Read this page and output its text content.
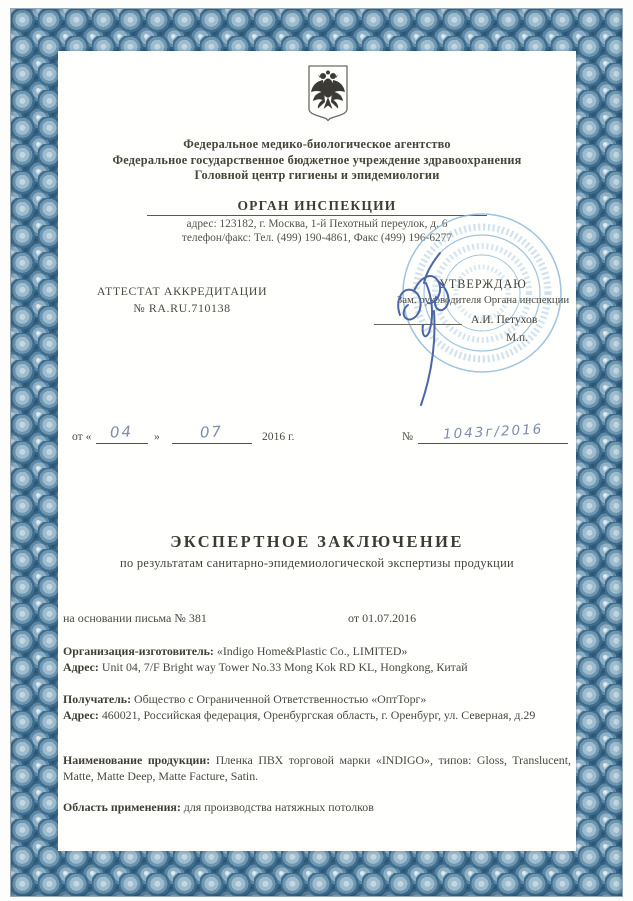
Федеральное медико-биологическое агентство
Федеральное государственное бюджетное учреждение здравоохранения
Головной центр гигиены и эпидемиологии
ОРГАН ИНСПЕКЦИИ
адрес: 123182, г. Москва, 1-й Пехотный переулок, д. 6
телефон/факс: Тел. (499) 190-4861, Факс (499) 196-6277
АТТЕСТАТ АККРЕДИТАЦИИ
№ RA.RU.710138
УТВЕРЖДАЮ
Зам. руководителя Органа инспекции
А.И. Петухов
М.п.
от «	04	»	07	2016 г.	№	1043г/2016
ЭКСПЕРТНОЕ ЗАКЛЮЧЕНИЕ
по результатам санитарно-эпидемиологической экспертизы продукции
на основании письма № 381	от 01.07.2016
Организация-изготовитель: «Indigo Home&Plastic Co., LIMITED»
Адрес: Unit 04, 7/F Bright way Tower No.33 Mong Kok RD KL, Hongkong, Китай
Получатель: Общество с Ограниченной Ответственностью «ОптТорг»
Адрес: 460021, Российская федерация, Оренбургская область, г. Оренбург, ул. Северная, д.29
Наименование продукции: Пленка ПВХ торговой марки «INDIGO», типов: Gloss, Translucent, Matte, Matte Deep, Matte Facture, Satin.
Область применения: для производства натяжных потолков
